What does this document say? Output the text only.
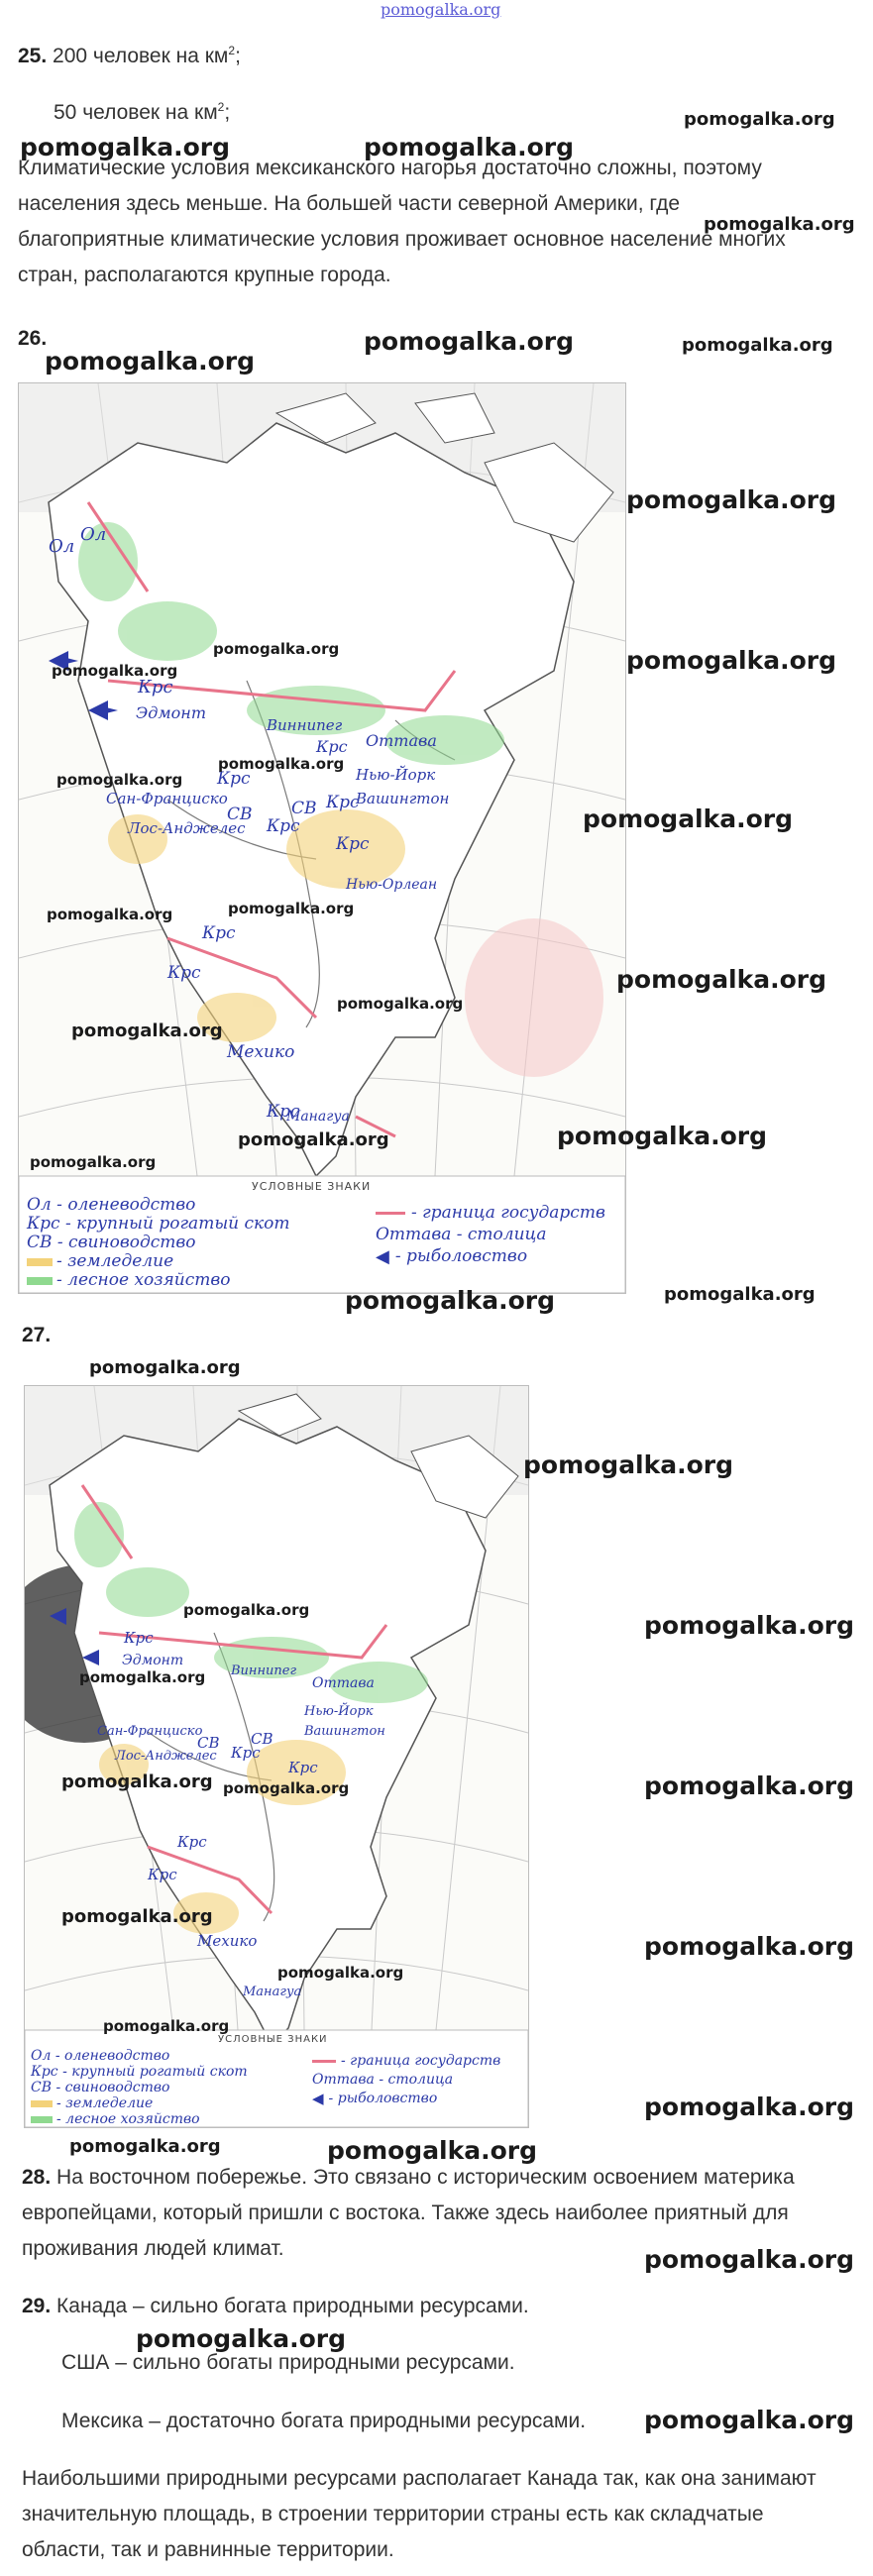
pomogalka.org
25. 200 человек на $км^2$;
50 человек на $км^2$;
pomogalka.org
pomogalka.org
pomogalka.org
pomogalka.org
Климатические условия мексиканского нагорья достаточно сложны, поэтому
населения здесь меньше. На большей части северной Америки, где
благоприятные климатические условия проживает основное население многих
стран, располагаются крупные города.
26.	pomogalka.org	pomogalka.org
Ол
Ол
Крс
Эдмонт
Виннипег
Оттава
Крс
Нью-Йорк
Вашингтон
Сан-Франциско
Лос-Анджелес
Крс
СВ
Крс
СВ Крс
Крс
Нью-Орлеан
Крс
Крс
Мехико
Крс
Манагуа
УСЛОВНЫЕ ЗНАКИ
Ол - оленеводство
Крс - крупный рогатый скот
СВ - свиноводство
- земледелие
- лесное хозяйство
- граница государств
Оттава - столица
◀ - рыболовство
pomogalka.org
pomogalka.org
pomogalka.org
pomogalka.org	pomogalka.org
pomogalka.org
pomogalka.org
pomogalka.org
pomogalka.org	pomogalka.org
pomogalka.org
pomogalka.org
pomogalka.org
pomogalka.org
pomogalka.org
pomogalka.org
pomogalka.org	pomogalka.org
27.
pomogalka.org
Крс
Эдмонт
Виннипег
Оттава
Нью-Йорк
Вашингтон
Сан-Франциско
Лос-Анджелес
СВ
Крс
СВ
Крс
Крс
Крс
Мехико
Манагуа
УСЛОВНЫЕ ЗНАКИ
Ол - оленеводство
Крс - крупный рогатый скот
СВ - свиноводство
- земледелие
- лесное хозяйство
- граница государств
Оттава - столица
◀ - рыболовство
pomogalka.org
pomogalka.org
pomogalka.org
pomogalka.org
pomogalka.org pomogalka.org	pomogalka.org
pomogalka.org
pomogalka.org
pomogalka.org
pomogalka.org
pomogalka.org
pomogalka.org	pomogalka.org
28. На восточном побережье. Это связано с историческим освоением материка
европейцами, который пришли с востока. Также здесь наиболее приятный для
проживания людей климат.	pomogalka.org
29. Канада – сильно богата природными ресурсами.
pomogalka.org
США – сильно богаты природными ресурсами.
Мексика – достаточно богата природными ресурсами. pomogalka.org
Наибольшими природными ресурсами располагает Канада так, как она занимают
значительную площадь, в строении территории страны есть как складчатые
области, так и равнинные территории.
